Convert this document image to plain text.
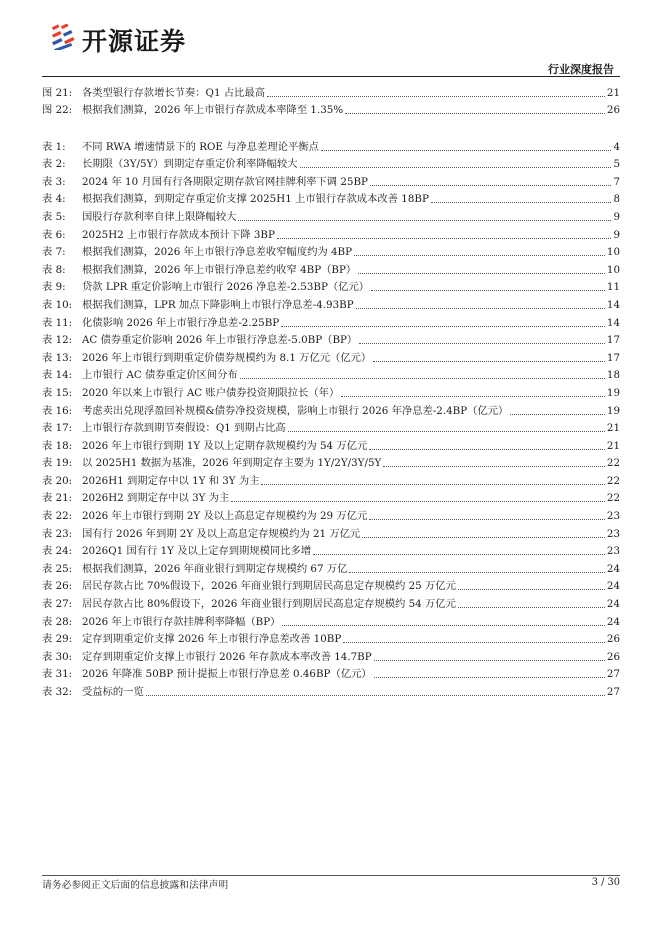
开源证券
行业深度报告
图 21: 各类型银行存款增长节奏：Q1 占比最高	21
图 22: 根据我们测算，2026 年上市银行存款成本率降至 1.35%	26
表 1:	不同 RWA 增速情景下的 ROE 与净息差理论平衡点	4
表 2:	长期限（3Y/5Y）到期定存重定价利率降幅较大	5
表 3:	2024 年 10 月国有行各期限定期存款官网挂牌利率下调 25BP	7
表 4:	根据我们测算，到期定存重定价支撑 2025H1 上市银行存款成本改善 18BP	8
表 5:	国股行存款利率自律上限降幅较大	9
表 6:	2025H2 上市银行存款成本预计下降 3BP	9
表 7:	根据我们测算，2026 年上市银行净息差收窄幅度约为 4BP	10
表 8:	根据我们测算，2026 年上市银行净息差约收窄 4BP（BP）	10
表 9:	贷款 LPR 重定价影响上市银行 2026 净息差-2.53BP（亿元）	11
表 10: 根据我们测算，LPR 加点下降影响上市银行净息差-4.93BP	14
表 11: 化债影响 2026 年上市银行净息差-2.25BP	14
表 12: AC 债券重定价影响 2026 年上市银行净息差-5.0BP（BP）	17
表 13: 2026 年上市银行到期重定价债券规模约为 8.1 万亿元（亿元）	17
表 14: 上市银行 AC 债券重定价区间分布	18
表 15: 2020 年以来上市银行 AC 账户债券投资期限拉长（年）	19
表 16: 考虑卖出兑现浮盈回补规模&债券净投资规模，影响上市银行 2026 年净息差-2.4BP（亿元）	19
表 17: 上市银行存款到期节奏假设：Q1 到期占比高	21
表 18: 2026 年上市银行到期 1Y 及以上定期存款规模约为 54 万亿元	21
表 19: 以 2025H1 数据为基准，2026 年到期定存主要为 1Y/2Y/3Y/5Y	22
表 20: 2026H1 到期定存中以 1Y 和 3Y 为主	22
表 21: 2026H2 到期定存中以 3Y 为主	22
表 22: 2026 年上市银行到期 2Y 及以上高息定存规模约为 29 万亿元	23
表 23: 国有行 2026 年到期 2Y 及以上高息定存规模约为 21 万亿元	23
表 24: 2026Q1 国有行 1Y 及以上定存到期规模同比多增	23
表 25: 根据我们测算，2026 年商业银行到期定存规模约 67 万亿	24
表 26: 居民存款占比 70%假设下，2026 年商业银行到期居民高息定存规模约 25 万亿元	24
表 27: 居民存款占比 80%假设下，2026 年商业银行到期居民高息定存规模约 54 万亿元	24
表 28: 2026 年上市银行存款挂牌利率降幅（BP）	24
表 29: 定存到期重定价支撑 2026 年上市银行净息差改善 10BP	26
表 30: 定存到期重定价支撑上市银行 2026 年存款成本率改善 14.7BP	26
表 31: 2026 年降准 50BP 预计提振上市银行净息差 0.46BP（亿元）	27
表 32: 受益标的一览	27
请务必参阅正文后面的信息披露和法律声明	3 / 30
